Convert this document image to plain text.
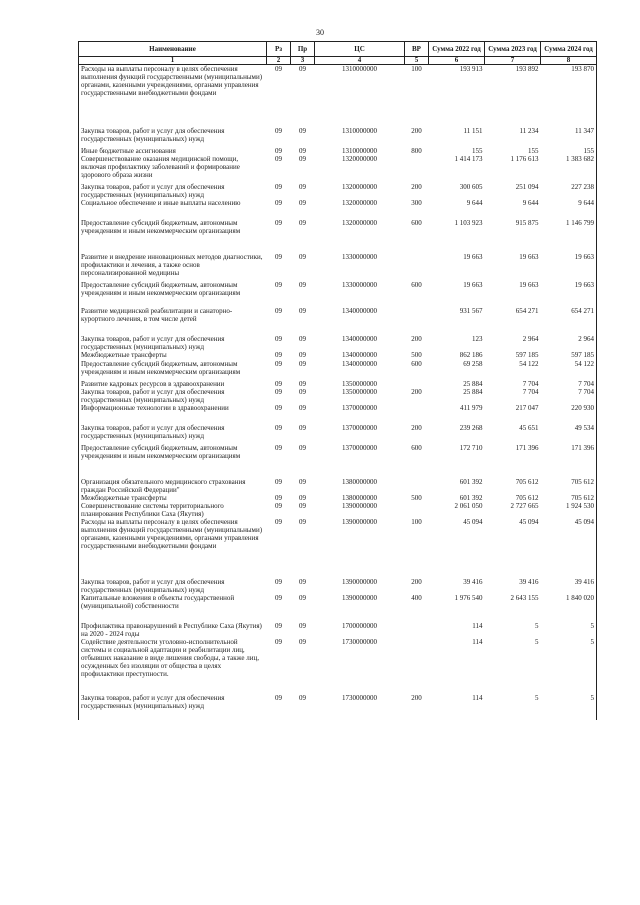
30
Наименование	Рз	Пр	ЦС	ВР	Сумма 2022 год	Сумма 2023 год	Сумма 2024 год
1	2	3	4	5	6	7	8
Расходы на выплаты персоналу в целях обеспечения выполнения функций государственными (муниципальными) органами, казенными учреждениями, органами управления государственными внебюджетными фондами	09	09	1310000000	100	193 913	193 892	193 870
Закупка товаров, работ и услуг для обеспечения государственных (муниципальных) нужд	09	09	1310000000	200	11 151	11 234	11 347
Иные бюджетные ассигнования	09	09	1310000000	800	155	155	155
Совершенствование оказания медицинской помощи, включая профилактику заболеваний и формирование здорового образа жизни	09	09	1320000000		1 414 173	1 176 613	1 383 682
Закупка товаров, работ и услуг для обеспечения государственных (муниципальных) нужд	09	09	1320000000	200	300 605	251 094	227 238
Социальное обеспечение и иные выплаты населению	09	09	1320000000	300	9 644	9 644	9 644
Предоставление субсидий бюджетным, автономным учреждениям и иным некоммерческим организациям	09	09	1320000000	600	1 103 923	915 875	1 146 799
Развитие и внедрение инновационных методов диагностики, профилактики и лечения, а также основ персонализированной медицины	09	09	1330000000		19 663	19 663	19 663
Предоставление субсидий бюджетным, автономным учреждениям и иным некоммерческим организациям	09	09	1330000000	600	19 663	19 663	19 663
Развитие медицинской реабилитации и санаторно-курортного лечения, в том числе детей	09	09	1340000000		931 567	654 271	654 271
Закупка товаров, работ и услуг для обеспечения государственных (муниципальных) нужд	09	09	1340000000	200	123	2 964	2 964
Межбюджетные трансферты	09	09	1340000000	500	862 186	597 185	597 185
Предоставление субсидий бюджетным, автономным учреждениям и иным некоммерческим организациям	09	09	1340000000	600	69 258	54 122	54 122
Развитие кадровых ресурсов в здравоохранении	09	09	1350000000		25 884	7 704	7 704
Закупка товаров, работ и услуг для обеспечения государственных (муниципальных) нужд	09	09	1350000000	200	25 884	7 704	7 704
Информационные технологии в здравоохранении	09	09	1370000000		411 979	217 047	220 930
Закупка товаров, работ и услуг для обеспечения государственных (муниципальных) нужд	09	09	1370000000	200	239 268	45 651	49 534
Предоставление субсидий бюджетным, автономным учреждениям и иным некоммерческим организациям	09	09	1370000000	600	172 710	171 396	171 396
Организация обязательного медицинского страхования граждан Российской Федерации"	09	09	1380000000		601 392	705 612	705 612
Межбюджетные трансферты	09	09	1380000000	500	601 392	705 612	705 612
Совершенствование системы территориального планирования Республики Саха (Якутия)	09	09	1390000000		2 061 050	2 727 665	1 924 530
Расходы на выплаты персоналу в целях обеспечения выполнения функций государственными (муниципальными) органами, казенными учреждениями, органами управления государственными внебюджетными фондами	09	09	1390000000	100	45 094	45 094	45 094
Закупка товаров, работ и услуг для обеспечения государственных (муниципальных) нужд	09	09	1390000000	200	39 416	39 416	39 416
Капитальные вложения в объекты государственной (муниципальной) собственности	09	09	1390000000	400	1 976 540	2 643 155	1 840 020
Профилактика правонарушений в Республике Саха (Якутия) на 2020 - 2024 годы	09	09	1700000000		114	5	5
Содействие деятельности уголовно-исполнительной системы и социальной адаптации и реабилитации лиц, отбывших наказание в виде лишения свободы, а также лиц, осужденных без изоляции от общества в целях профилактики преступности.	09	09	1730000000		114	5	5
Закупка товаров, работ и услуг для обеспечения государственных (муниципальных) нужд	09	09	1730000000	200	114	5	5
